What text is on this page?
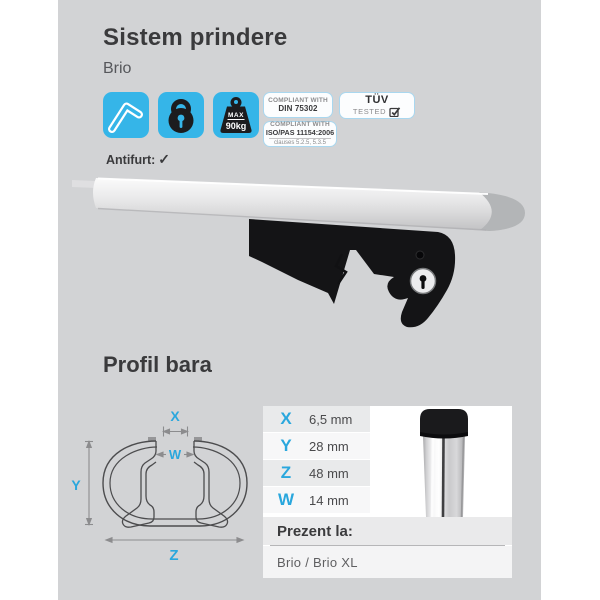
Sistem prindere
Brio
MAX
90kg
COMPLIANT WITH
DIN 75302
COMPLIANT WITH
ISO/PAS 11154:2006
clauses 5.2.5, 5.3.5
TÜV
TESTED
Antifurt: ✓
Profil bara
X
W
Y
Z
X	6,5 mm
Y	28 mm
Z	48 mm
W	14 mm
Prezent la:
Brio / Brio XL
